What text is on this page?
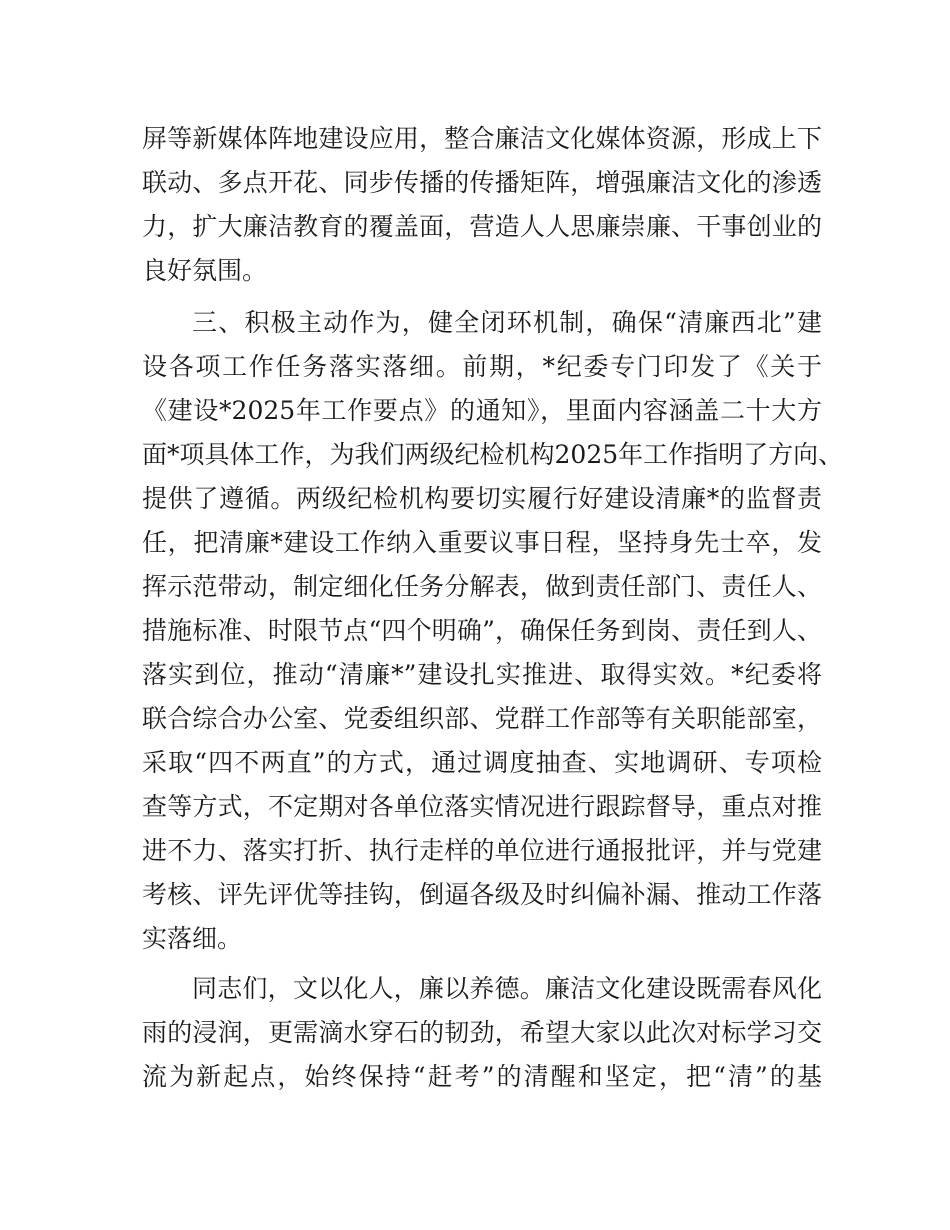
屏等新媒体阵地建设应用，整合廉洁文化媒体资源，形成上下
联动、多点开花、同步传播的传播矩阵，增强廉洁文化的渗透
力，扩大廉洁教育的覆盖面，营造人人思廉崇廉、干事创业的
良好氛围。
三、积极主动作为，健全闭环机制，确保“清廉西北”建
设各项工作任务落实落细。前期，*纪委专门印发了《关于
《建设*2025年工作要点》的通知》，里面内容涵盖二十大方
面*项具体工作，为我们两级纪检机构2025年工作指明了方向、
提供了遵循。两级纪检机构要切实履行好建设清廉*的监督责
任，把清廉*建设工作纳入重要议事日程，坚持身先士卒，发
挥示范带动，制定细化任务分解表，做到责任部门、责任人、
措施标准、时限节点“四个明确”，确保任务到岗、责任到人、
落实到位，推动“清廉*”建设扎实推进、取得实效。*纪委将
联合综合办公室、党委组织部、党群工作部等有关职能部室，
采取“四不两直”的方式，通过调度抽查、实地调研、专项检
查等方式，不定期对各单位落实情况进行跟踪督导，重点对推
进不力、落实打折、执行走样的单位进行通报批评，并与党建
考核、评先评优等挂钩，倒逼各级及时纠偏补漏、推动工作落
实落细。
同志们，文以化人，廉以养德。廉洁文化建设既需春风化
雨的浸润，更需滴水穿石的韧劲，希望大家以此次对标学习交
流为新起点，始终保持“赶考”的清醒和坚定，把“清”的基
